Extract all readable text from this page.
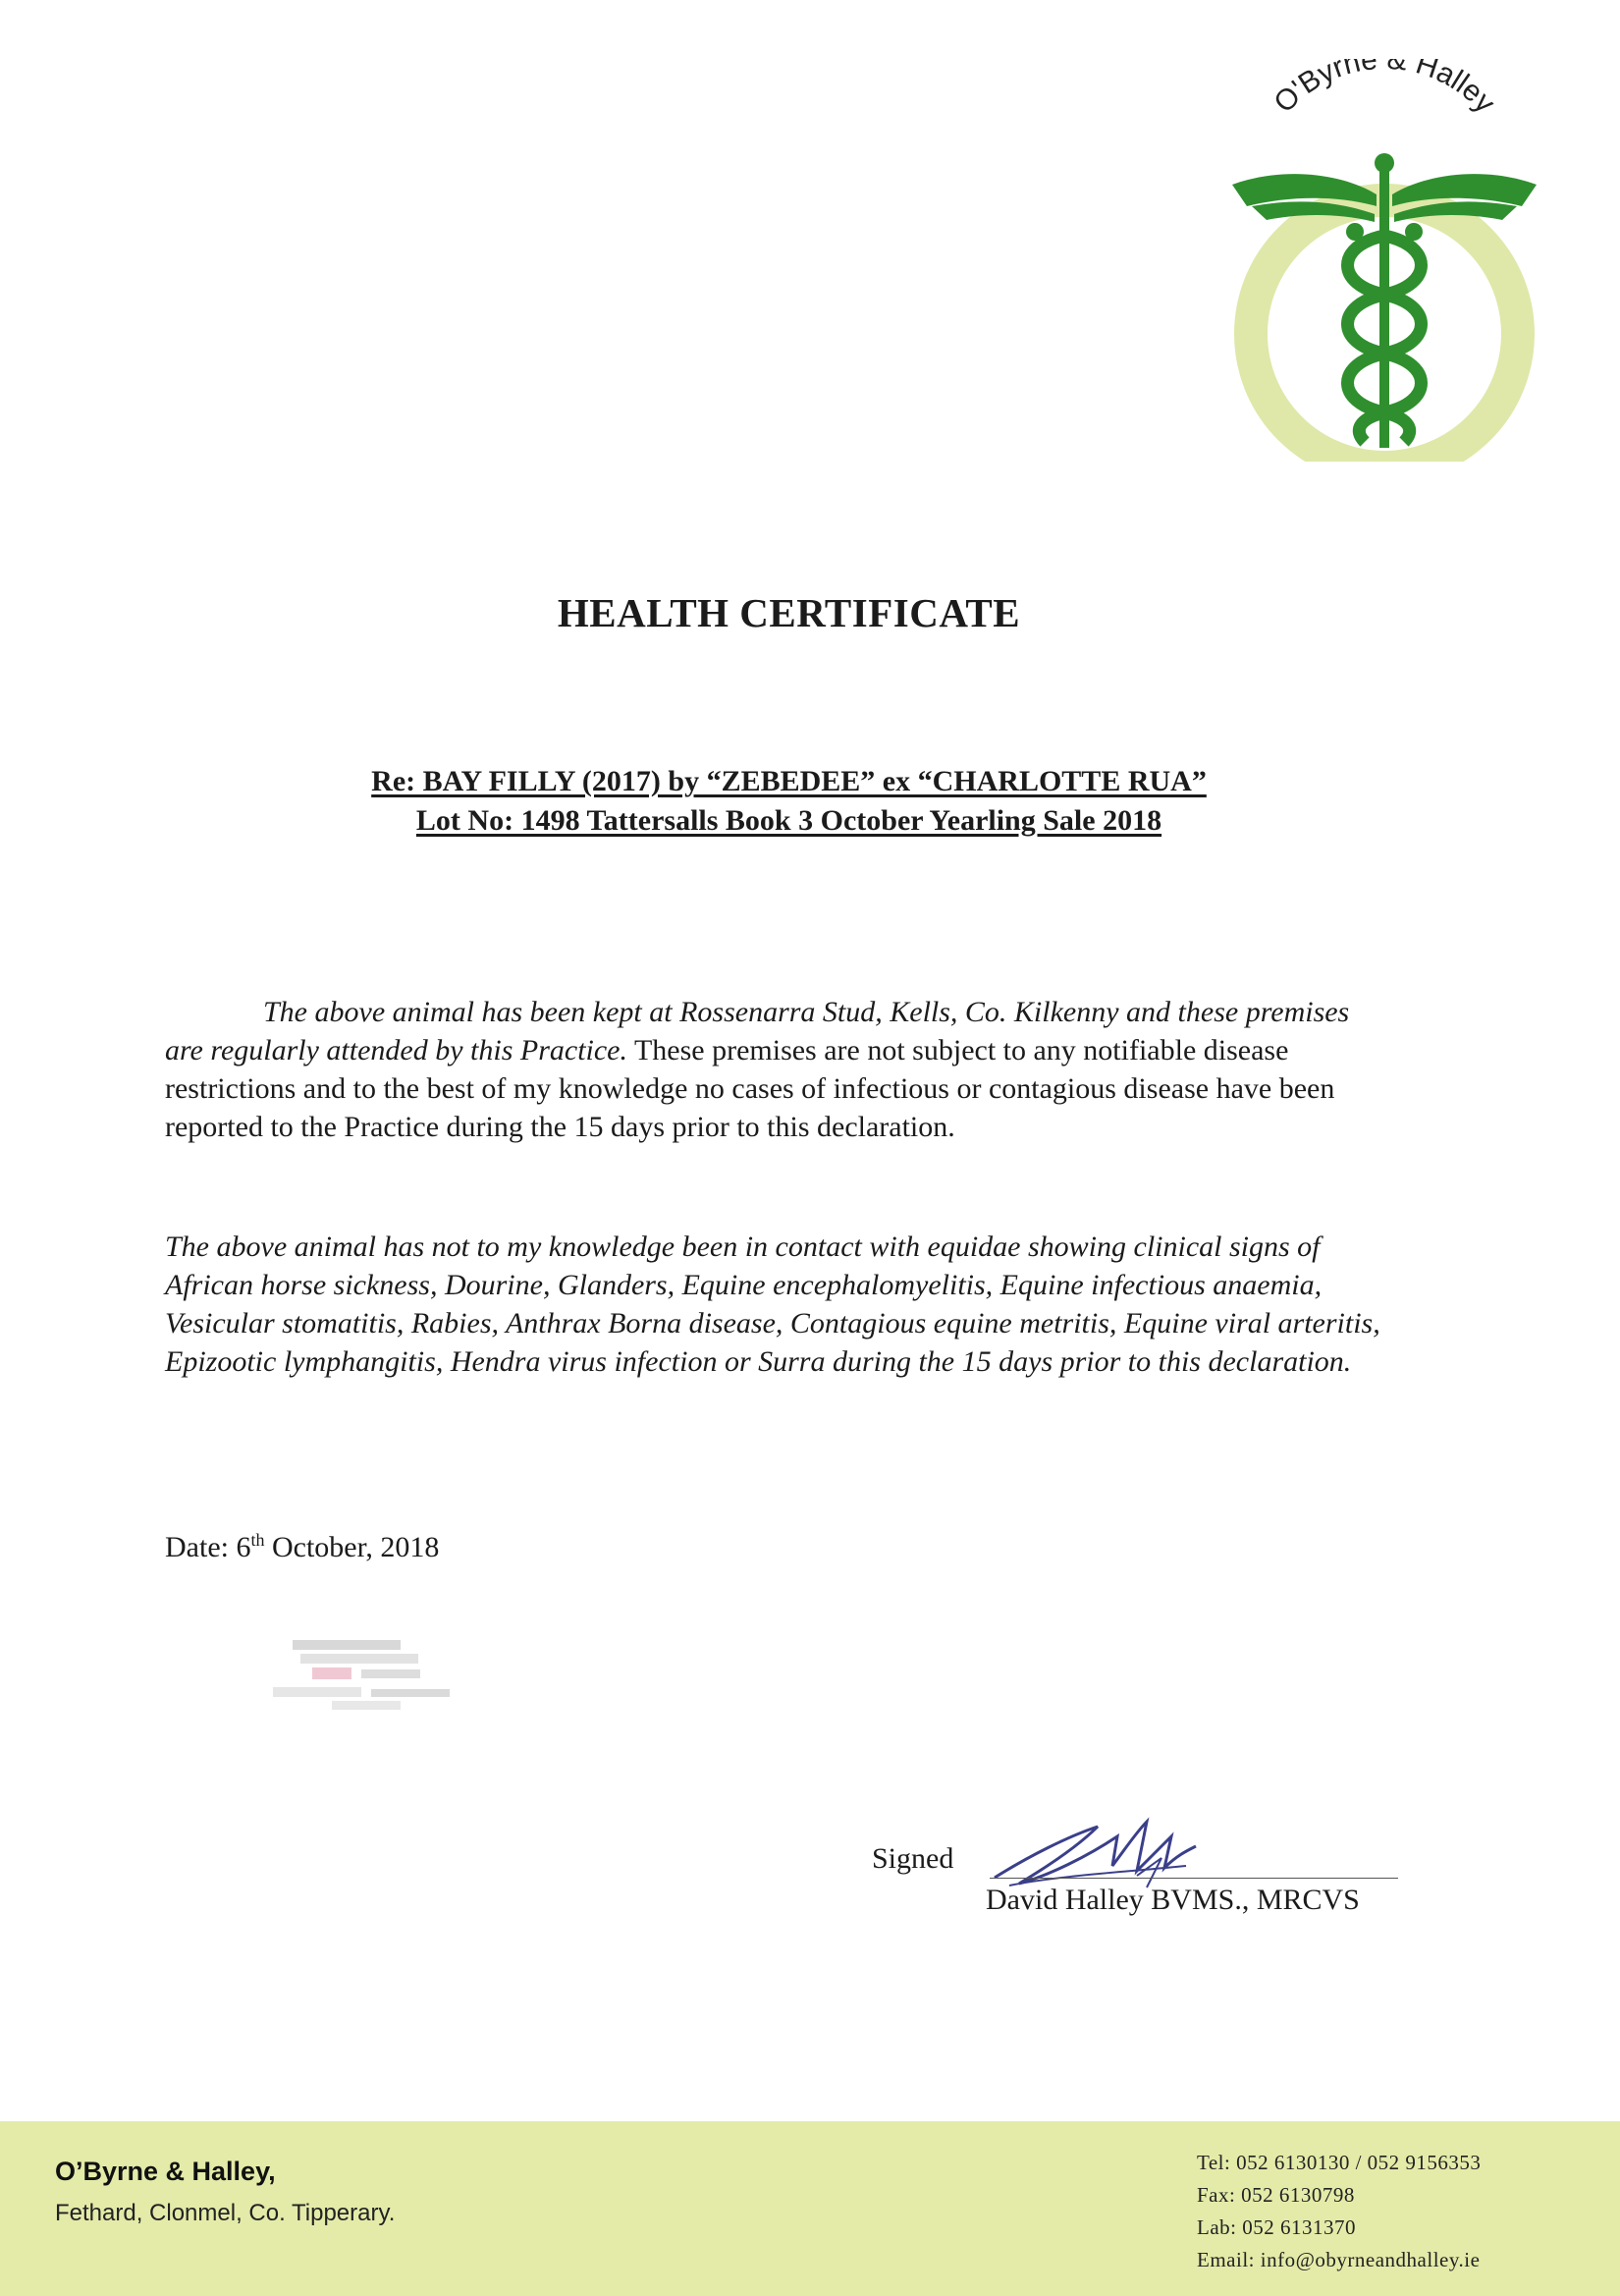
O'Byrne & Halley
HEALTH CERTIFICATE
Re: BAY FILLY (2017) by “ZEBEDEE” ex “CHARLOTTE RUA”
Lot No: 1498 Tattersalls Book 3 October Yearling Sale 2018
The above animal has been kept at Rossenarra Stud, Kells, Co. Kilkenny and these premises are regularly attended by this Practice. These premises are not subject to any notifiable disease restrictions and to the best of my knowledge no cases of infectious or contagious disease have been reported to the Practice during the 15 days prior to this declaration.
The above animal has not to my knowledge been in contact with equidae showing clinical signs of African horse sickness, Dourine, Glanders, Equine encephalomyelitis, Equine infectious anaemia, Vesicular stomatitis, Rabies, Anthrax Borna disease, Contagious equine metritis, Equine viral arteritis, Epizootic lymphangitis, Hendra virus infection or Surra during the 15 days prior to this declaration.
Date: 6th October, 2018
Signed
David Halley BVMS., MRCVS
O’Byrne & Halley,
Fethard, Clonmel, Co. Tipperary.
Tel: 052 6130130 / 052 9156353
Fax: 052 6130798
Lab: 052 6131370
Email: info@obyrneandhalley.ie
